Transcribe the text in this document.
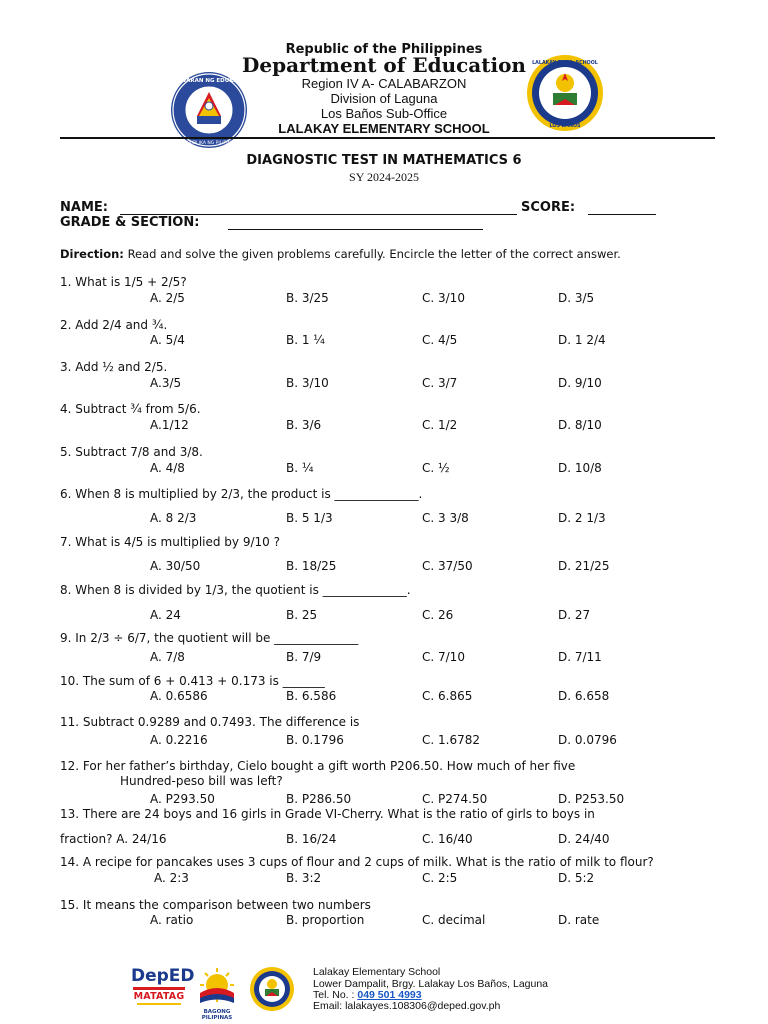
Republic of the Philippines
Department of Education
Region IV A- CALABARZON
Division of Laguna
Los Baños Sub-Office
LALAKAY ELEMENTARY SCHOOL
KAGAWARAN NG EDUKASYON
REPUBLIKA NG PILIPINAS
LALAKAY ELEM. SCHOOL
LOS BAÑOS
DIAGNOSTIC TEST IN MATHEMATICS 6
SY 2024-2025
NAME:	SCORE:
GRADE & SECTION:
Direction: Read and solve the given problems carefully. Encircle the letter of the correct answer.
1. What is 1/5 + 2/5?
A. 2/5	B. 3/25	C. 3/10	D. 3/5
2. Add 2/4 and ¾.
A. 5/4	B. 1 ¼	C. 4/5	D. 1 2/4
3. Add ½ and 2/5.
A.3/5	B. 3/10	C. 3/7	D. 9/10
4. Subtract ¾ from 5/6.
A.1/12	B. 3/6	C. 1/2	D. 8/10
5. Subtract 7/8 and 3/8.
A. 4/8	B. ¼	C. ½	D. 10/8
6. When 8 is multiplied by 2/3, the product is ______________.
A. 8 2/3	B. 5 1/3	C. 3 3/8	D. 2 1/3
7. What is 4/5 is multiplied by 9/10 ?
A. 30/50	B. 18/25	C. 37/50	D. 21/25
8. When 8 is divided by 1/3, the quotient is ______________.
A. 24	B. 25	C. 26	D. 27
9. In 2/3 ÷ 6/7, the quotient will be ______________
A. 7/8	B. 7/9	C. 7/10	D. 7/11
10. The sum of 6 + 0.413 + 0.173 is _______
A. 0.6586	B. 6.586	C. 6.865	D. 6.658
11. Subtract 0.9289 and 0.7493. The difference is
A. 0.2216	B. 0.1796	C. 1.6782	D. 0.0796
12. For her father’s birthday, Cielo bought a gift worth P206.50. How much of her five
Hundred-peso bill was left?
A. P293.50	B. P286.50	C. P274.50	D. P253.50
13. There are 24 boys and 16 girls in Grade VI-Cherry. What is the ratio of girls to boys in
fraction? A. 24/16	B. 16/24	C. 16/40	D. 24/40
14. A recipe for pancakes uses 3 cups of flour and 2 cups of milk. What is the ratio of milk to flour?
A. 2:3	B. 3:2	C. 2:5	D. 5:2
15. It means the comparison between two numbers
A. ratio	B. proportion	C. decimal	D. rate
DepED
MATATAG
BAGONG PILIPINAS
Lalakay Elementary School
Lower Dampalit, Brgy. Lalakay Los Baños, Laguna
Tel. No. : 049 501 4993
Email: lalakayes.108306@deped.gov.ph
